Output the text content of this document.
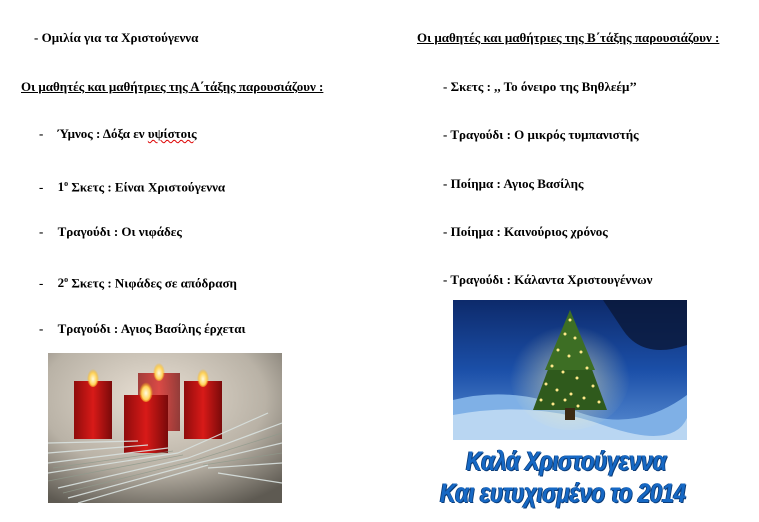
- Ομιλία για τα Χριστούγεννα
Οι μαθητές και μαθήτριες της Α΄τάξης παρουσιάζουν :
- Ύμνος : Δόξα εν υψίστοις
- $1^o$ Σκετς : Είναι Χριστούγεννα
- Τραγούδι : Οι νιφάδες
- $2^o$ Σκετς : Νιφάδες σε απόδραση
- Τραγούδι : Αγιος Βασίλης έρχεται
Οι μαθητές και μαθήτριες της Β΄τάξης παρουσιάζουν :
- Σκετς : ,, Το όνειρο της Βηθλεέμ’’
- Τραγούδι : Ο μικρός τυμπανιστής
- Ποίημα : Αγιος Βασίλης
- Ποίημα : Καινούριος χρόνος
- Τραγούδι : Κάλαντα Χριστουγέννων
Καλά Χριστούγεννα
Και ευτυχισμένο το 2014
